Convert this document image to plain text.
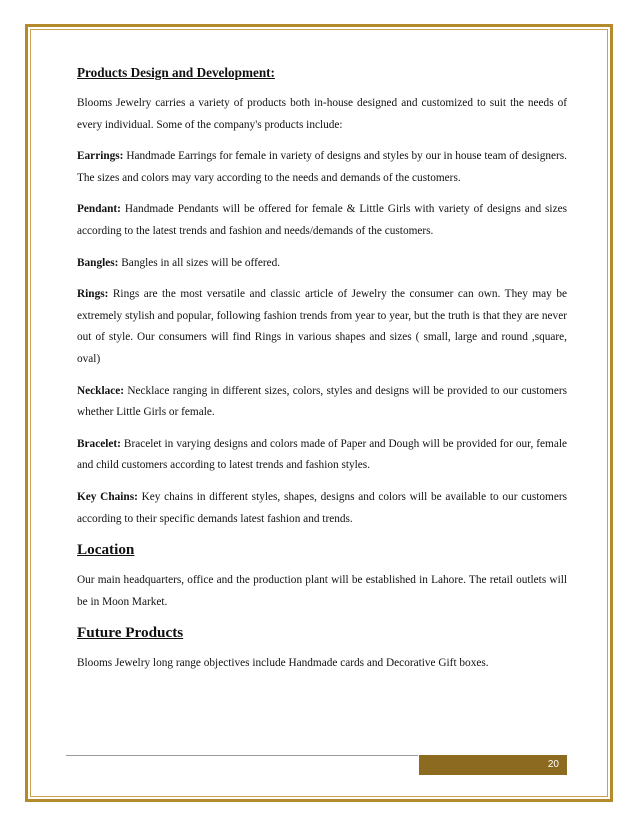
Products Design and Development:

Blooms Jewelry carries a variety of products both in-house designed and customized to suit the needs of every individual. Some of the company's products include:

Earrings: Handmade Earrings for female in variety of designs and styles by our in house team of designers. The sizes and colors may vary according to the needs and demands of the customers.

Pendant: Handmade Pendants will be offered for female & Little Girls with variety of designs and sizes according to the latest trends and fashion and needs/demands of the customers.

Bangles: Bangles in all sizes will be offered.

Rings: Rings are the most versatile and classic article of Jewelry the consumer can own. They may be extremely stylish and popular, following fashion trends from year to year, but the truth is that they are never out of style. Our consumers will find Rings in various shapes and sizes ( small, large and round ,square, oval)

Necklace: Necklace ranging in different sizes, colors, styles and designs will be provided to our customers whether Little Girls or female.

Bracelet: Bracelet in varying designs and colors made of Paper and Dough will be provided for our, female and child customers according to latest trends and fashion styles.

Key Chains: Key chains in different styles, shapes, designs and colors will be available to our customers according to their specific demands latest fashion and trends.

Location

Our main headquarters, office and the production plant will be established in Lahore. The retail outlets will be in Moon Market.

Future Products

Blooms Jewelry long range objectives include Handmade cards and Decorative Gift boxes.

20
